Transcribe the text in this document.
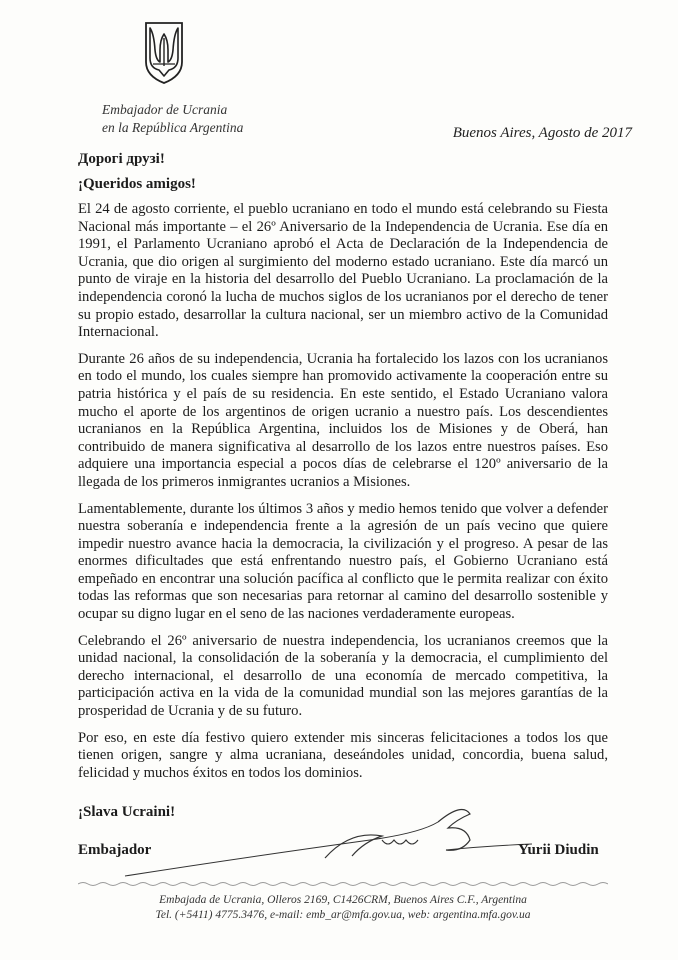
Embajador de Ucrania
en la República Argentina	Buenos Aires, Agosto de 2017
Дорогі друзі!
¡Queridos amigos!

El 24 de agosto corriente, el pueblo ucraniano en todo el mundo está celebrando su Fiesta Nacional más importante – el 26º Aniversario de la Independencia de Ucrania. Ese día en 1991, el Parlamento Ucraniano aprobó el Acta de Declaración de la Independencia de Ucrania, que dio origen al surgimiento del moderno estado ucraniano. Este día marcó un punto de viraje en la historia del desarrollo del Pueblo Ucraniano. La proclamación de la independencia coronó la lucha de muchos siglos de los ucranianos por el derecho de tener su propio estado, desarrollar la cultura nacional, ser un miembro activo de la Comunidad Internacional.

Durante 26 años de su independencia, Ucrania ha fortalecido los lazos con los ucranianos en todo el mundo, los cuales siempre han promovido activamente la cooperación entre su patria histórica y el país de su residencia. En este sentido, el Estado Ucraniano valora mucho el aporte de los argentinos de origen ucranio a nuestro país. Los descendientes ucranianos en la República Argentina, incluidos los de Misiones y de Oberá, han contribuido de manera significativa al desarrollo de los lazos entre nuestros países. Eso adquiere una importancia especial a pocos días de celebrarse el 120º aniversario de la llegada de los primeros inmigrantes ucranios a Misiones.

Lamentablemente, durante los últimos 3 años y medio hemos tenido que volver a defender nuestra soberanía e independencia frente a la agresión de un país vecino que quiere impedir nuestro avance hacia la democracia, la civilización y el progreso. A pesar de las enormes dificultades que está enfrentando nuestro país, el Gobierno Ucraniano está empeñado en encontrar una solución pacífica al conflicto que le permita realizar con éxito todas las reformas que son necesarias para retornar al camino del desarrollo sostenible y ocupar su digno lugar en el seno de las naciones verdaderamente europeas.

Celebrando el 26º aniversario de nuestra independencia, los ucranianos creemos que la unidad nacional, la consolidación de la soberanía y la democracia, el cumplimiento del derecho internacional, el desarrollo de una economía de mercado competitiva, la participación activa en la vida de la comunidad mundial son las mejores garantías de la prosperidad de Ucrania y de su futuro.

Por eso, en este día festivo quiero extender mis sinceras felicitaciones a todos los que tienen origen, sangre y alma ucraniana, deseándoles unidad, concordia, buena salud, felicidad y muchos éxitos en todos los dominios.

¡Slava Ucraini!
Embajador	Yurii Diudin
Embajada de Ucrania, Olleros 2169, C1426CRM, Buenos Aires C.F., Argentina
Tel. (+5411) 4775.3476, e-mail: emb_ar@mfa.gov.ua, web: argentina.mfa.gov.ua
